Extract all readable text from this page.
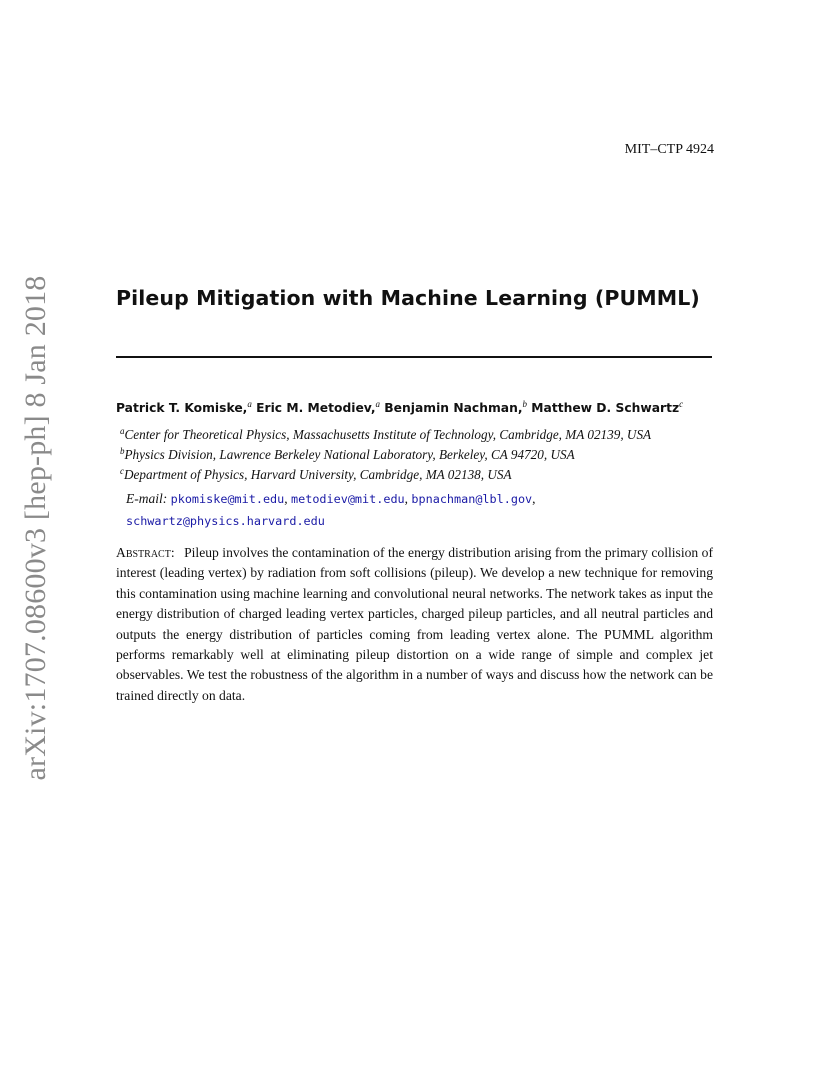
arXiv:1707.08600v3 [hep-ph] 8 Jan 2018
MIT–CTP 4924
Pileup Mitigation with Machine Learning (PUMML)
Patrick T. Komiske,$^a$ Eric M. Metodiev,$^a$ Benjamin Nachman,$^b$ Matthew D. Schwartz$^c$
$^a$Center for Theoretical Physics, Massachusetts Institute of Technology, Cambridge, MA 02139, USA
$^b$Physics Division, Lawrence Berkeley National Laboratory, Berkeley, CA 94720, USA
$^c$Department of Physics, Harvard University, Cambridge, MA 02138, USA
E-mail: pkomiske@mit.edu, metodiev@mit.edu, bpnachman@lbl.gov,
schwartz@physics.harvard.edu

Abstract: Pileup involves the contamination of the energy distribution arising from the primary collision of interest (leading vertex) by radiation from soft collisions (pileup). We develop a new technique for removing this contamination using machine learning and convolutional neural networks. The network takes as input the energy distribution of charged leading vertex particles, charged pileup particles, and all neutral particles and outputs the energy distribution of particles coming from leading vertex alone. The PUMML algorithm performs remarkably well at eliminating pileup distortion on a wide range of simple and complex jet observables. We test the robustness of the algorithm in a number of ways and discuss how the network can be trained directly on data.
